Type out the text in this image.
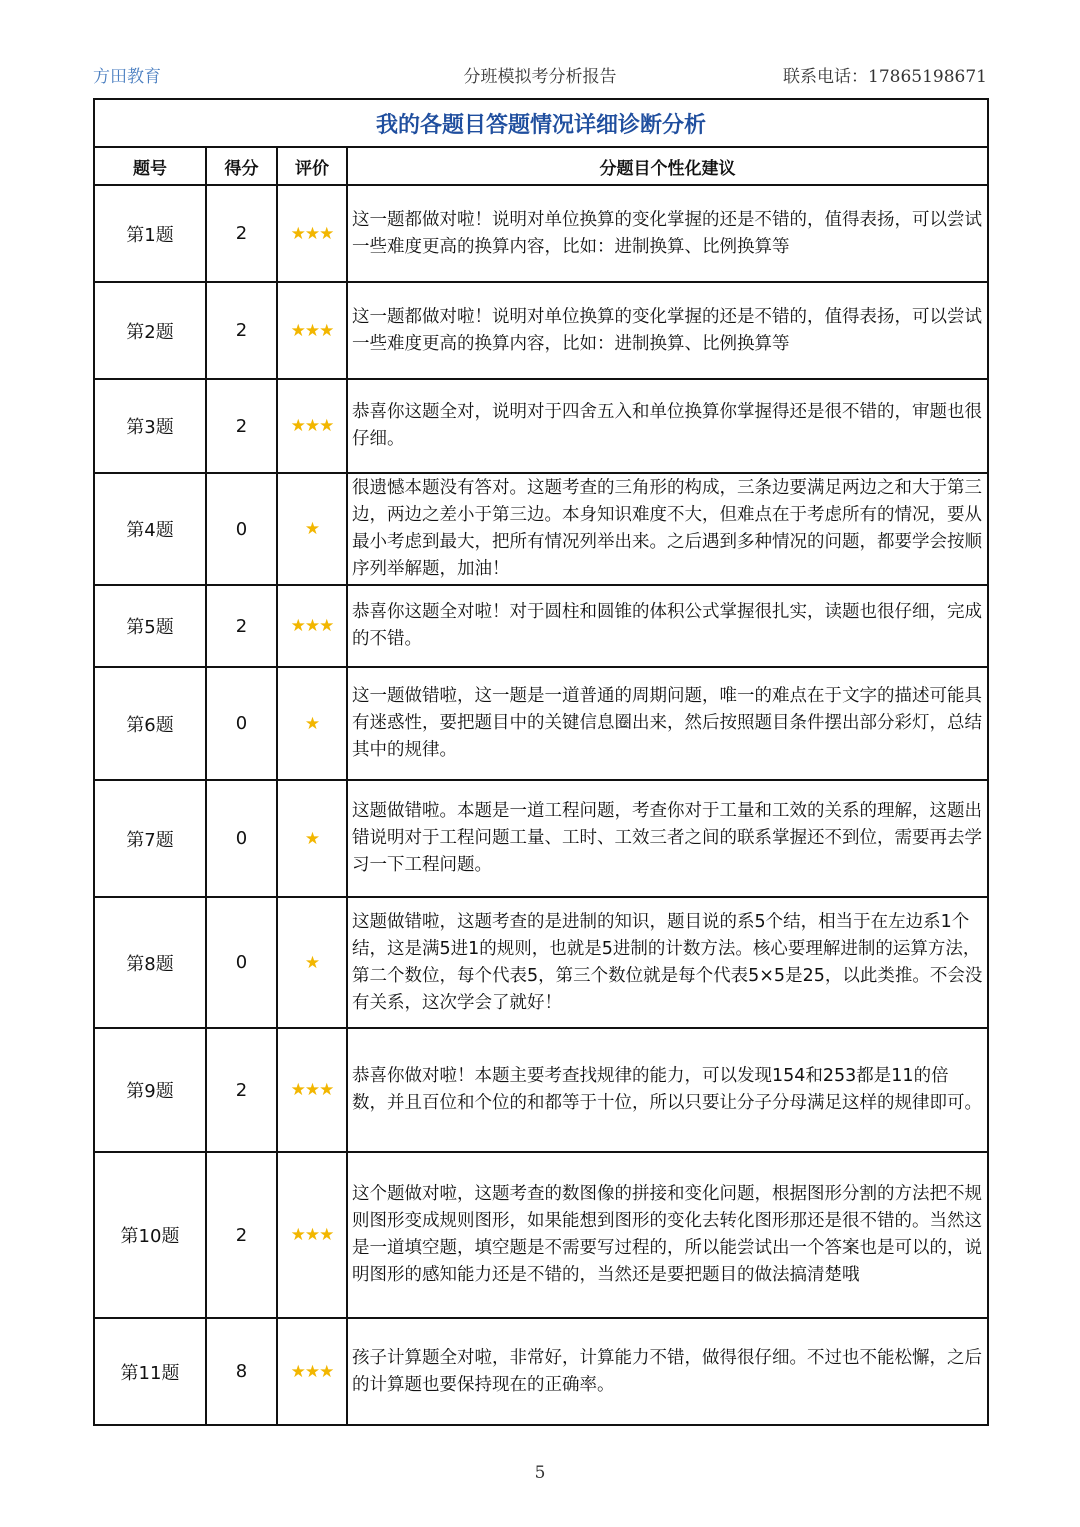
方田教育	分班模拟考分析报告	联系电话：17865198671
我的各题目答题情况详细诊断分析			
题号	得分	评价	分题目个性化建议
第1题	2	★★★	这一题都做对啦！说明对单位换算的变化掌握的还是不错的，值得表扬，可以尝试一些难度更高的换算内容，比如：进制换算、比例换算等
第2题	2	★★★	这一题都做对啦！说明对单位换算的变化掌握的还是不错的，值得表扬，可以尝试一些难度更高的换算内容，比如：进制换算、比例换算等
第3题	2	★★★	恭喜你这题全对，说明对于四舍五入和单位换算你掌握得还是很不错的，审题也很仔细。
第4题	0	★	很遗憾本题没有答对。这题考查的三角形的构成，三条边要满足两边之和大于第三边，两边之差小于第三边。本身知识难度不大，但难点在于考虑所有的情况，要从最小考虑到最大，把所有情况列举出来。之后遇到多种情况的问题，都要学会按顺序列举解题，加油！
第5题	2	★★★	恭喜你这题全对啦！对于圆柱和圆锥的体积公式掌握很扎实，读题也很仔细，完成的不错。
第6题	0	★	这一题做错啦，这一题是一道普通的周期问题，唯一的难点在于文字的描述可能具有迷惑性，要把题目中的关键信息圈出来，然后按照题目条件摆出部分彩灯，总结其中的规律。
第7题	0	★	这题做错啦。本题是一道工程问题，考查你对于工量和工效的关系的理解，这题出错说明对于工程问题工量、工时、工效三者之间的联系掌握还不到位，需要再去学习一下工程问题。
第8题	0	★	这题做错啦，这题考查的是进制的知识，题目说的系5个结，相当于在左边系1个结，这是满5进1的规则，也就是5进制的计数方法。核心要理解进制的运算方法，第二个数位，每个代表5，第三个数位就是每个代表5×5是25，以此类推。不会没有关系，这次学会了就好！
第9题	2	★★★	恭喜你做对啦！本题主要考查找规律的能力，可以发现154和253都是11的倍数，并且百位和个位的和都等于十位，所以只要让分子分母满足这样的规律即可。
第10题	2	★★★	这个题做对啦，这题考查的数图像的拼接和变化问题，根据图形分割的方法把不规则图形变成规则图形，如果能想到图形的变化去转化图形那还是很不错的。当然这是一道填空题，填空题是不需要写过程的，所以能尝试出一个答案也是可以的，说明图形的感知能力还是不错的，当然还是要把题目的做法搞清楚哦
第11题	8	★★★	孩子计算题全对啦，非常好，计算能力不错，做得很仔细。不过也不能松懈，之后的计算题也要保持现在的正确率。
5
